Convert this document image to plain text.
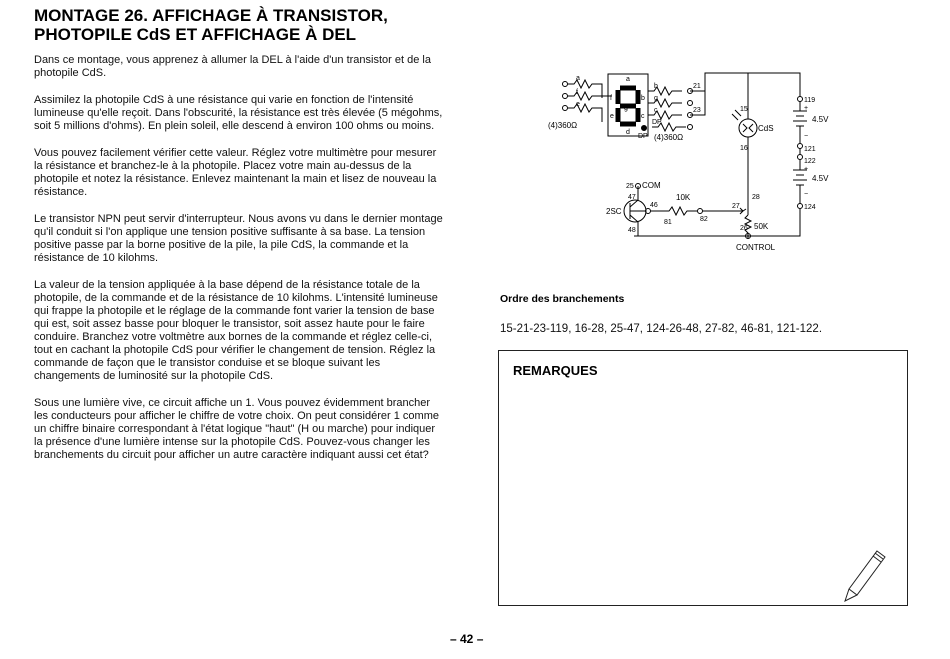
MONTAGE 26. AFFICHAGE À TRANSISTOR,
PHOTOPILE CdS ET AFFICHAGE À DEL

Dans ce montage, vous apprenez à allumer la DEL à l'aide d'un transistor et de la photopile CdS.

Assimilez la photopile CdS à une résistance qui varie en fonction de l'intensité lumineuse qu'elle reçoit. Dans l'obscurité, la résistance est très élevée (5 mégohms, soit 5 millions d'ohms). En plein soleil, elle descend à environ 100 ohms ou moins.

Vous pouvez facilement vérifier cette valeur. Réglez votre multimètre pour mesurer la résistance et branchez-le à la photopile. Placez votre main au-dessus de la photopile et notez la résistance. Enlevez maintenant la main et lisez de nouveau la résistance.

Le transistor NPN peut servir d'interrupteur. Nous avons vu dans le dernier montage qu'il conduit si l'on applique une tension positive suffisante à sa base. La tension positive passe par la borne positive de la pile, la pile CdS, la commande et la résistance de 10 kilohms.

La valeur de la tension appliquée à la base dépend de la résistance totale de la photopile, de la commande et de la résistance de 10 kilohms. L'intensité lumineuse qui frappe la photopile et le réglage de la commande font varier la tension de base qui est, soit assez basse pour bloquer le transistor, soit assez haute pour le faire conduire. Branchez votre voltmètre aux bornes de la commande et réglez celle-ci, tout en cachant la photopile CdS pour vérifier le changement de tension. Réglez la commande de façon que le transistor conduise et se bloque suivant les changements de luminosité sur la photopile CdS.

Sous une lumière vive, ce circuit affiche un 1. Vous pouvez évidemment brancher les conducteurs pour afficher le chiffre de votre choix. On peut considérer 1 comme un chiffre binaire correspondant à l'état logique "haut" (H ou marche) pour indiquer la présence d'une lumière intense sur la photopile CdS. Pouvez-vous changer les branchements du circuit pour afficher un autre caractère indiquant aussi cet état?

a
f
e
a
f	b
e	c
d
g
DP
b
g
c
DP
(4)360Ω
(4)360Ω
21
23	15
CdS
16
119
+
4.5V
−
121
122
+
4.5V
−
124
25 COM
47
2SC
46
48
10K
81	82
27
28
26 50K
CONTROL
Ordre des branchements
15-21-23-119, 16-28, 25-47, 124-26-48, 27-82, 46-81, 121-122.
REMARQUES
– 42 –
